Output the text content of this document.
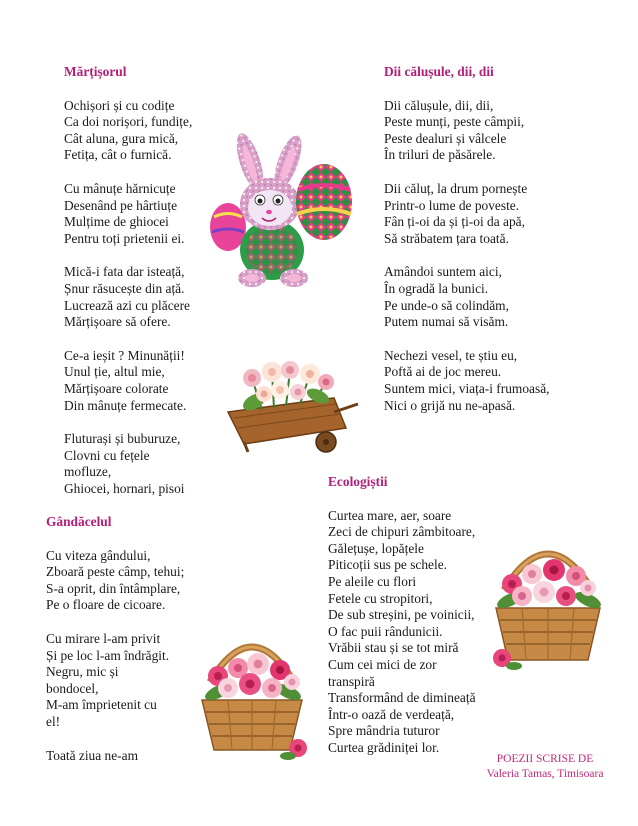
Mărțișorul
Ochișori și cu codițe
Ca doi norișori, fundițe,
Cât aluna, gura mică,
Fetița, cât o furnică.
Cu mânuțe hărnicuțe
Desenând pe hârtiuțe
Mulțime de ghiocei
Pentru toți prietenii ei.
Mică-i fata dar isteață,
Șnur răsucește din ață.
Lucrează azi cu plăcere
Mărțișoare să ofere.
Ce-a ieșit ? Minunății!
Unul ție, altul mie,
Mărțișoare colorate
Din mânuțe fermecate.
Fluturași și buburuze,
Clovni cu fețele
mofluze,
Ghiocei, hornari, pisoi
Dii călușule, dii, dii
Dii călușule, dii, dii,
Peste munți, peste câmpii,
Peste dealuri și vâlcele
În triluri de păsărele.
Dii căluț, la drum pornește
Printr-o lume de poveste.
Fân ți-oi da și ți-oi da apă,
Să străbatem țara toată.
Amândoi suntem aici,
În ogradă la bunici.
Pe unde-o să colindăm,
Putem numai să visăm.
Nechezi vesel, te știu eu,
Poftă ai de joc mereu.
Suntem mici, viața-i frumoasă,
Nici o grijă nu ne-apasă.
Gândăcelul
Cu viteza gândului,
Zboară peste câmp, tehui;
S-a oprit, din întâmplare,
Pe o floare de cicoare.
Cu mirare l-am privit
Și pe loc l-am îndrăgit.
Negru, mic și
bondocel,
M-am împrietenit cu
el!
Toată ziua ne-am
Ecologiștii
Curtea mare, aer, soare
Zeci de chipuri zâmbitoare,
Gălețușe, lopățele
Piticoții sus pe schele.
Pe aleile cu flori
Fetele cu stropitori,
De sub streșini, pe voinicii,
O fac puii rândunicii.
Vrăbii stau și se tot miră
Cum cei mici de zor
transpiră
Transformând de dimineață
Într-o oază de verdeață,
Spre mândria tuturor
Curtea grădiniței lor.
POEZII SCRISE DE
Valeria Tamas, Timisoara
